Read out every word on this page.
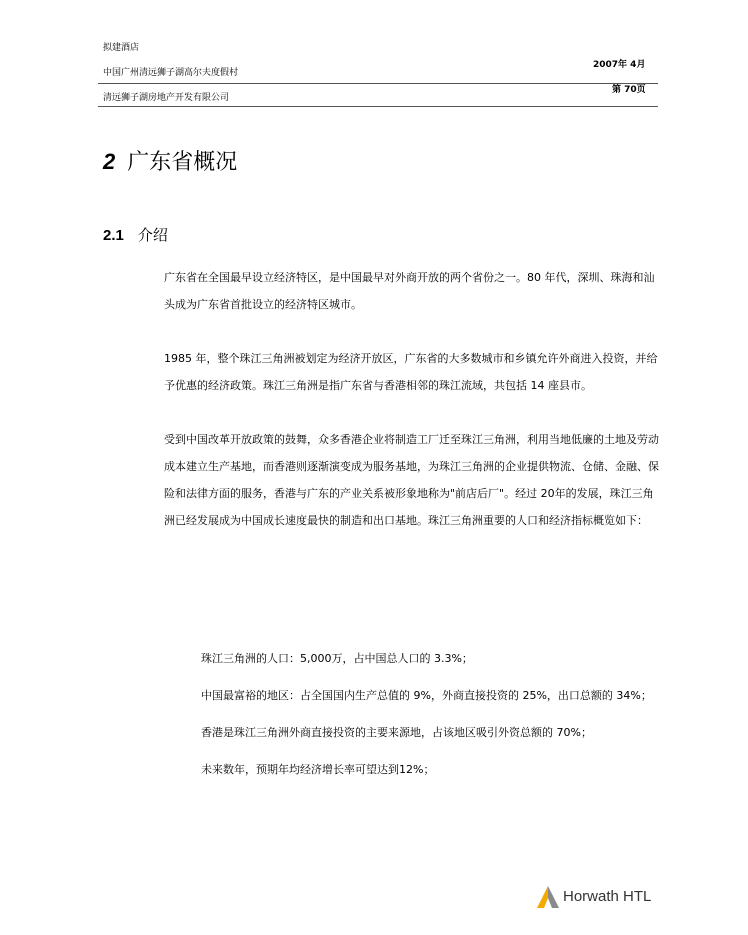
拟建酒店
中国广州清远狮子湖高尔夫度假村
清远狮子湖房地产开发有限公司
2007年 4月
第 70页
2 广东省概况
2.1 介绍

广东省在全国最早设立经济特区，是中国最早对外商开放的两个省份之一。80 年代，深圳、珠海和汕头成为广东省首批设立的经济特区城市。

1985 年，整个珠江三角洲被划定为经济开放区，广东省的大多数城市和乡镇允许外商进入投资，并给予优惠的经济政策。珠江三角洲是指广东省与香港相邻的珠江流域，共包括 14 座县市。

受到中国改革开放政策的鼓舞，众多香港企业将制造工厂迁至珠江三角洲，利用当地低廉的土地及劳动成本建立生产基地，而香港则逐渐演变成为服务基地，为珠江三角洲的企业提供物流、仓储、金融、保险和法律方面的服务，香港与广东的产业关系被形象地称为"前店后厂"。经过 20年的发展，珠江三角洲已经发展成为中国成长速度最快的制造和出口基地。珠江三角洲重要的人口和经济指标概览如下：

珠江三角洲的人口：5,000万，占中国总人口的 3.3%；
中国最富裕的地区：占全国国内生产总值的 9%，外商直接投资的 25%，出口总额的 34%；
香港是珠江三角洲外商直接投资的主要来源地，占该地区吸引外资总额的 70%；
未来数年，预期年均经济增长率可望达到12%；
Horwath HTL
